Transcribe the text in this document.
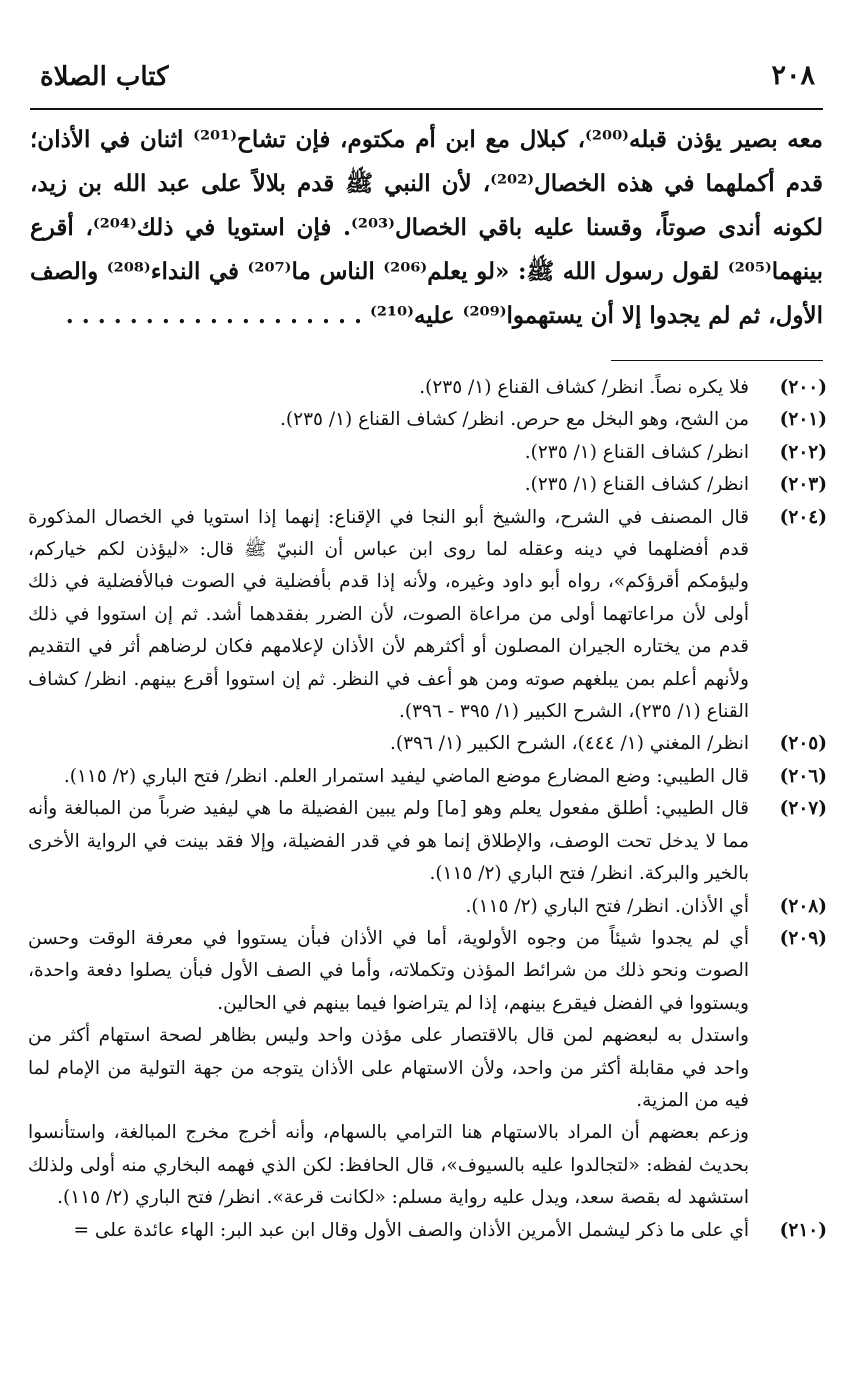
كتاب الصلاة	٢٠٨

معه بصير يؤذن قبله⁽²⁰⁰⁾، كبلال مع ابن أم مكتوم، فإن تشاح⁽²⁰¹⁾ اثنان في الأذان؛ قدم أكملهما في هذه الخصال⁽²⁰²⁾، لأن النبي ﷺ قدم بلالاً على عبد الله بن زيد، لكونه أندى صوتاً، وقسنا عليه باقي الخصال⁽²⁰³⁾. فإن استويا في ذلك⁽²⁰⁴⁾، أقرع بينهما⁽²⁰⁵⁾ لقول رسول الله ﷺ: «لو يعلم⁽²⁰⁶⁾ الناس ما⁽²⁰⁷⁾ في النداء⁽²⁰⁸⁾ والصف الأول، ثم لم يجدوا إلا أن يستهموا⁽²⁰⁹⁾ عليه⁽²¹⁰⁾ . . . . . . . . . . . . . . . . . . .

(٢٠٠)

فلا يكره نصاً. انظر/ كشاف القناع (١/ ٢٣٥).

(٢٠١)

من الشح، وهو البخل مع حرص. انظر/ كشاف القناع (١/ ٢٣٥).

(٢٠٢)

انظر/ كشاف القناع (١/ ٢٣٥).

(٢٠٣)

انظر/ كشاف القناع (١/ ٢٣٥).

(٢٠٤)

قال المصنف في الشرح، والشيخ أبو النجا في الإقناع: إنهما إذا استويا في الخصال المذكورة قدم أفضلهما في دينه وعقله لما روى ابن عباس أن النبيّ ﷺ قال: «ليؤذن لكم خياركم، وليؤمكم أقرؤكم»، رواه أبو داود وغيره، ولأنه إذا قدم بأفضلية في الصوت فبالأفضلية في ذلك أولى لأن مراعاتهما أولى من مراعاة الصوت، لأن الضرر بفقدهما أشد. ثم إن استووا في ذلك قدم من يختاره الجيران المصلون أو أكثرهم لأن الأذان لإعلامهم فكان لرضاهم أثر في التقديم ولأنهم أعلم بمن يبلغهم صوته ومن هو أعف في النظر. ثم إن استووا أقرع بينهم. انظر/ كشاف القناع (١/ ٢٣٥)، الشرح الكبير (١/ ٣٩٥ - ٣٩٦).

(٢٠٥)

انظر/ المغني (١/ ٤٤٤)، الشرح الكبير (١/ ٣٩٦).

(٢٠٦)

قال الطيبي: وضع المضارع موضع الماضي ليفيد استمرار العلم. انظر/ فتح الباري (٢/ ١١٥).

(٢٠٧)

قال الطيبي: أطلق مفعول يعلم وهو [ما] ولم يبين الفضيلة ما هي ليفيد ضرباً من المبالغة وأنه مما لا يدخل تحت الوصف، والإطلاق إنما هو في قدر الفضيلة، وإلا فقد بينت في الرواية الأخرى بالخير والبركة. انظر/ فتح الباري (٢/ ١١٥).

(٢٠٨)

أي الأذان. انظر/ فتح الباري (٢/ ١١٥).

(٢٠٩)

أي لم يجدوا شيئاً من وجوه الأولوية، أما في الأذان فبأن يستووا في معرفة الوقت وحسن الصوت ونحو ذلك من شرائط المؤذن وتكملاته، وأما في الصف الأول فبأن يصلوا دفعة واحدة، ويستووا في الفضل فيقرع بينهم، إذا لم يتراضوا فيما بينهم في الحالين.

واستدل به لبعضهم لمن قال بالاقتصار على مؤذن واحد وليس بظاهر لصحة استهام أكثر من واحد في مقابلة أكثر من واحد، ولأن الاستهام على الأذان يتوجه من جهة التولية من الإمام لما فيه من المزية.

وزعم بعضهم أن المراد بالاستهام هنا الترامي بالسهام، وأنه أخرج مخرج المبالغة، واستأنسوا بحديث لفظه: «لتجالدوا عليه بالسيوف»، قال الحافظ: لكن الذي فهمه البخاري منه أولى ولذلك استشهد له بقصة سعد، ويدل عليه رواية مسلم: «لكانت قرعة». انظر/ فتح الباري (٢/ ١١٥).

(٢١٠)

أي على ما ذكر ليشمل الأمرين الأذان والصف الأول وقال ابن عبد البر: الهاء عائدة على =
